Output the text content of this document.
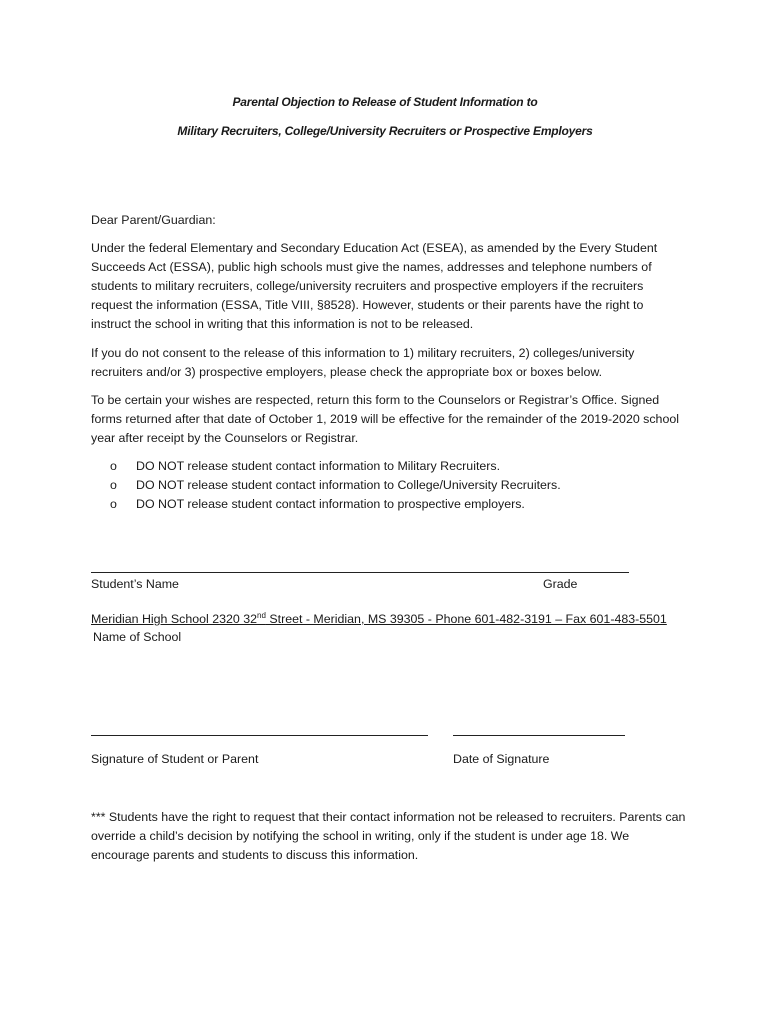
Parental Objection to Release of Student Information to
Military Recruiters, College/University Recruiters or Prospective Employers
Dear Parent/Guardian:

Under the federal Elementary and Secondary Education Act (ESEA), as amended by the Every Student Succeeds Act (ESSA), public high schools must give the names, addresses and telephone numbers of students to military recruiters, college/university recruiters and prospective employers if the recruiters request the information (ESSA, Title VIII, §8528). However, students or their parents have the right to instruct the school in writing that this information is not to be released.

If you do not consent to the release of this information to 1) military recruiters, 2) colleges/university recruiters and/or 3) prospective employers, please check the appropriate box or boxes below.

To be certain your wishes are respected, return this form to the Counselors or Registrar’s Office. Signed forms returned after that date of October 1, 2019 will be effective for the remainder of the 2019-2020 school year after receipt by the Counselors or Registrar.

o	DO NOT release student contact information to Military Recruiters.
o	DO NOT release student contact information to College/University Recruiters.
o	DO NOT release student contact information to prospective employers.
Student’s Name	Grade
Meridian High School 2320 32nd Street - Meridian, MS 39305 - Phone 601-482-3191 – Fax 601-483-5501
Name of School
Signature of Student or Parent	Date of Signature

*** Students have the right to request that their contact information not be released to recruiters. Parents can override a child’s decision by notifying the school in writing, only if the student is under age 18. We encourage parents and students to discuss this information.
